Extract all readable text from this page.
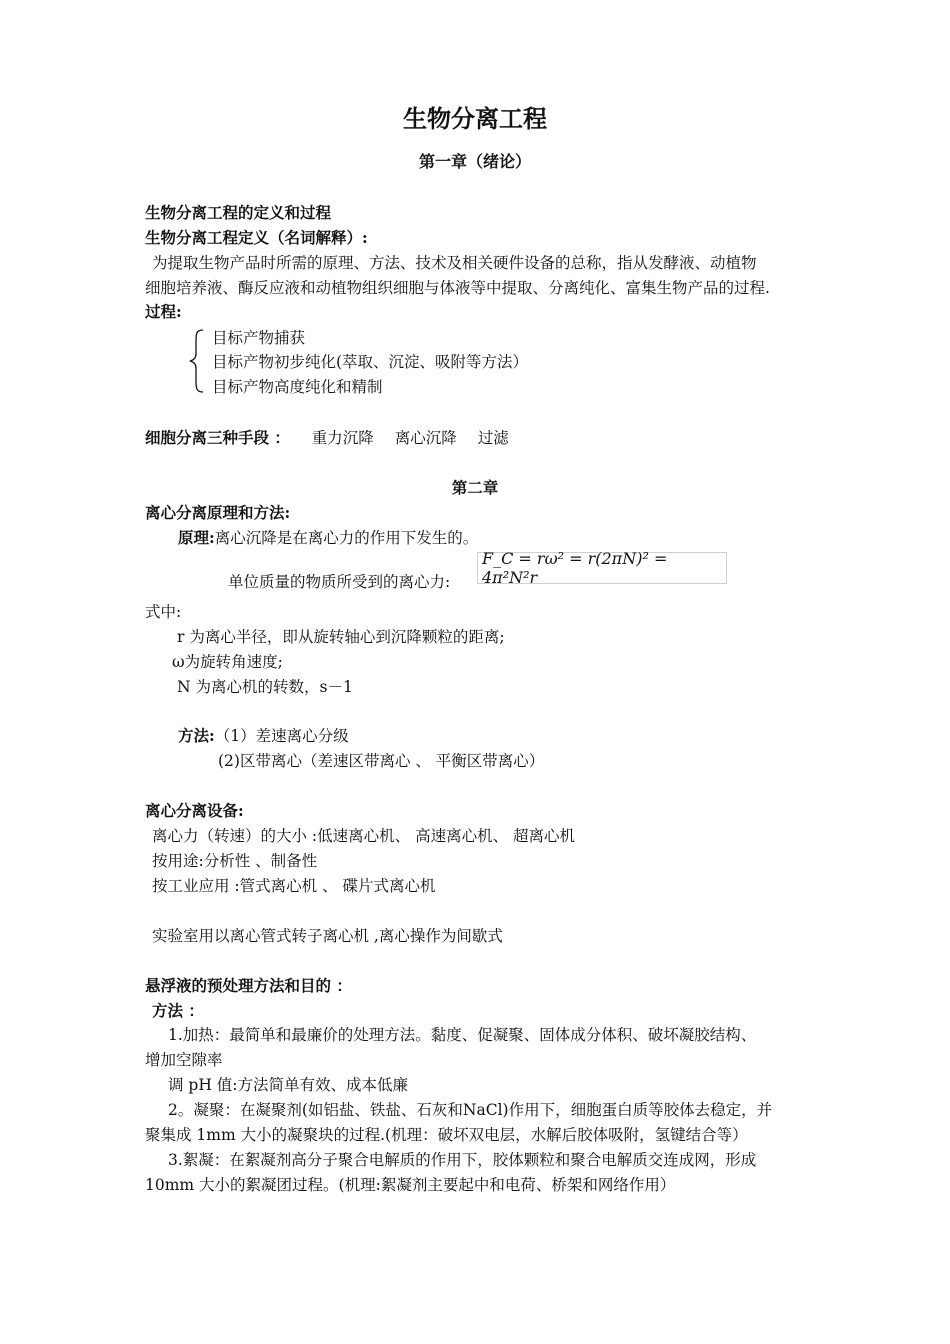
生物分离工程
第一章（绪论）
生物分离工程的定义和过程
生物分离工程定义（名词解释）:
为提取生物产品时所需的原理、方法、技术及相关硬件设备的总称，指从发酵液、动植物
细胞培养液、酶反应液和动植物组织细胞与体液等中提取、分离纯化、富集生物产品的过程.
过程:
目标产物捕获
目标产物初步纯化(萃取、沉淀、吸附等方法）
目标产物高度纯化和精制
细胞分离三种手段 ： 重力沉降 离心沉降 过滤
第二章
离心分离原理和方法:
原理:离心沉降是在离心力的作用下发生的。
单位质量的物质所受到的离心力:
F_C = rω² = r(2πN)² = 4π²N²r
式中:
r 为离心半径，即从旋转轴心到沉降颗粒的距离;
ω为旋转角速度;
N 为离心机的转数，s－1
方法:（1）差速离心分级
(2)区带离心（差速区带离心 、 平衡区带离心）
离心分离设备:
离心力（转速）的大小 :低速离心机、 高速离心机、 超离心机
按用途:分析性 、制备性
按工业应用 :管式离心机 、 碟片式离心机
实验室用以离心管式转子离心机 ,离心操作为间歇式
悬浮液的预处理方法和目的 ：
方法 ：
1.加热：最简单和最廉价的处理方法。黏度、促凝聚、固体成分体积、破坏凝胶结构、
增加空隙率
调 pH 值:方法简单有效、成本低廉
2。凝聚：在凝聚剂(如铝盐、铁盐、石灰和NaCl)作用下，细胞蛋白质等胶体去稳定，并
聚集成 1mm 大小的凝聚块的过程.(机理：破坏双电层，水解后胶体吸附，氢键结合等）
3.絮凝：在絮凝剂高分子聚合电解质的作用下，胶体颗粒和聚合电解质交连成网，形成
10mm 大小的絮凝团过程。(机理:絮凝剂主要起中和电荷、桥架和网络作用）
